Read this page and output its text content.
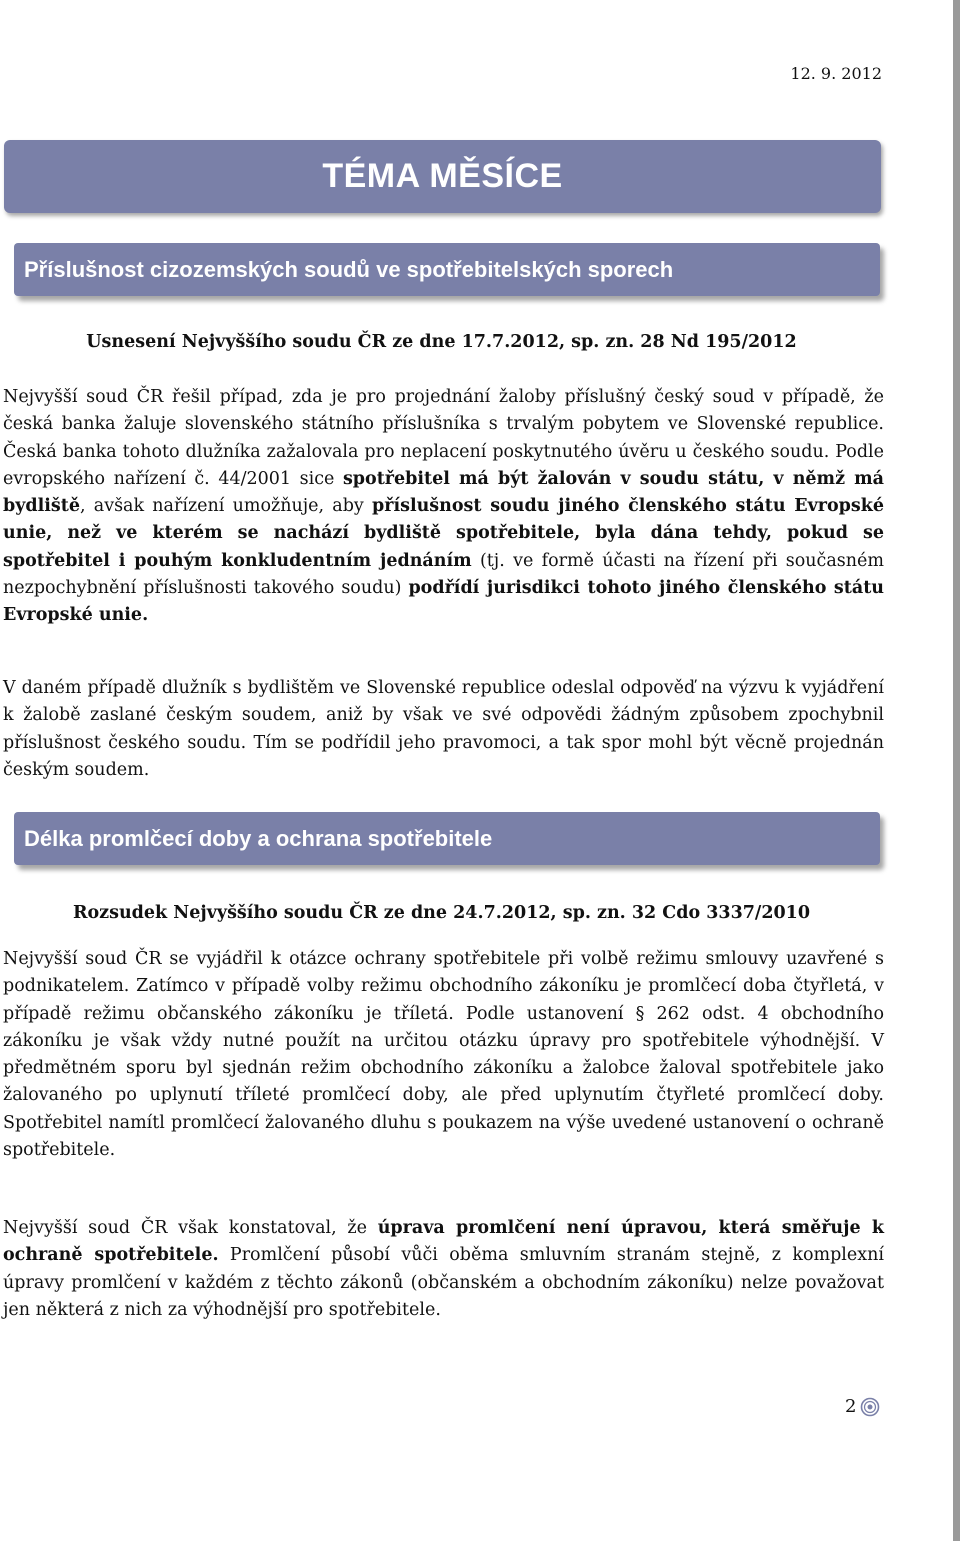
12. 9. 2012
TÉMA MĚSÍCE
Příslušnost cizozemských soudů ve spotřebitelských sporech
Usnesení Nejvyššího soudu ČR ze dne 17.7.2012, sp. zn. 28 Nd 195/2012
Nejvyšší soud ČR řešil případ, zda je pro projednání žaloby příslušný český soud v případě, že česká banka žaluje slovenského státního příslušníka s trvalým pobytem ve Slovenské republice. Česká banka tohoto dlužníka zažalovala pro neplacení poskytnutého úvěru u českého soudu. Podle evropského nařízení č. 44/2001 sice spotřebitel má být žalován v soudu státu, v němž má bydliště, avšak nařízení umožňuje, aby příslušnost soudu jiného členského státu Evropské unie, než ve kterém se nachází bydliště spotřebitele, byla dána tehdy, pokud se spotřebitel i pouhým konkludentním jednáním (tj. ve formě účasti na řízení při současném nezpochybnění příslušnosti takového soudu) podřídí jurisdikci tohoto jiného členského státu Evropské unie.
V daném případě dlužník s bydlištěm ve Slovenské republice odeslal odpověď na výzvu k vyjádření k žalobě zaslané českým soudem, aniž by však ve své odpovědi žádným způsobem zpochybnil příslušnost českého soudu. Tím se podřídil jeho pravomoci, a tak spor mohl být věcně projednán českým soudem.
Délka promlčecí doby a ochrana spotřebitele
Rozsudek Nejvyššího soudu ČR ze dne 24.7.2012, sp. zn. 32 Cdo 3337/2010
Nejvyšší soud ČR se vyjádřil k otázce ochrany spotřebitele při volbě režimu smlouvy uzavřené s podnikatelem. Zatímco v případě volby režimu obchodního zákoníku je promlčecí doba čtyřletá, v případě režimu občanského zákoníku je tříletá. Podle ustanovení § 262 odst. 4 obchodního zákoníku je však vždy nutné použít na určitou otázku úpravy pro spotřebitele výhodnější. V předmětném sporu byl sjednán režim obchodního zákoníku a žalobce žaloval spotřebitele jako žalovaného po uplynutí tříleté promlčecí doby, ale před uplynutím čtyřleté promlčecí doby. Spotřebitel namítl promlčecí žalovaného dluhu s poukazem na výše uvedené ustanovení o ochraně spotřebitele.
Nejvyšší soud ČR však konstatoval, že úprava promlčení není úpravou, která směřuje k ochraně spotřebitele. Promlčení působí vůči oběma smluvním stranám stejně, z komplexní úpravy promlčení v každém z těchto zákonů (občanském a obchodním zákoníku) nelze považovat jen některá z nich za výhodnější pro spotřebitele.
2
